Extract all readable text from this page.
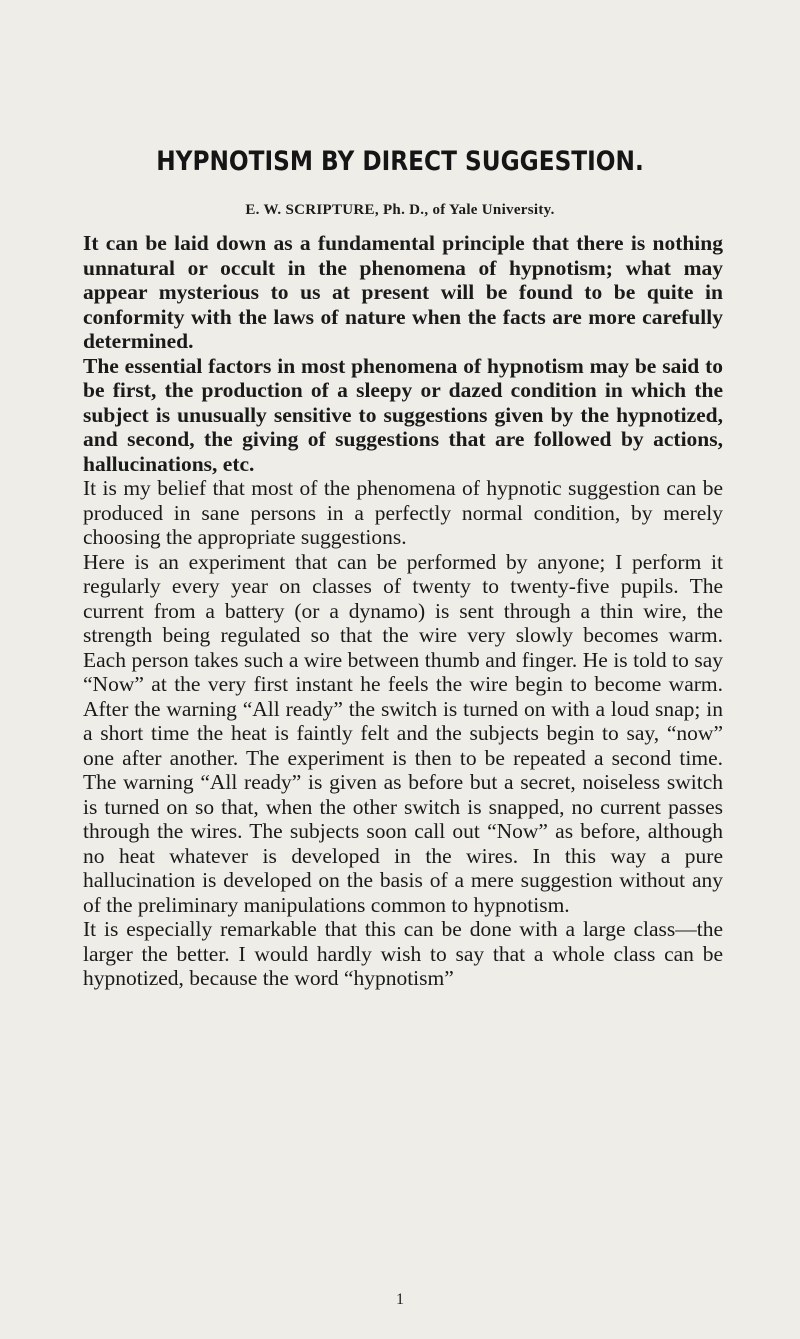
HYPNOTISM BY DIRECT SUGGESTION.
E. W. SCRIPTURE, Ph. D., of Yale University.

It can be laid down as a fundamental principle that there is nothing unnatural or occult in the phenomena of hypnotism; what may appear mysterious to us at present will be found to be quite in conformity with the laws of nature when the facts are more carefully determined.

The essential factors in most phenomena of hypnotism may be said to be first, the production of a sleepy or dazed condition in which the subject is unusually sensitive to suggestions given by the hypnotized, and second, the giving of suggestions that are followed by actions, hallucinations, etc.

It is my belief that most of the phenomena of hypnotic suggestion can be produced in sane persons in a perfectly normal condition, by merely choosing the appropriate suggestions.

Here is an experiment that can be performed by anyone; I perform it regularly every year on classes of twenty to twenty-five pupils. The current from a battery (or a dynamo) is sent through a thin wire, the strength being regulated so that the wire very slowly becomes warm. Each person takes such a wire between thumb and finger. He is told to say “Now” at the very first instant he feels the wire begin to become warm. After the warning “All ready” the switch is turned on with a loud snap; in a short time the heat is faintly felt and the subjects begin to say, “now” one after another. The experiment is then to be repeated a second time. The warning “All ready” is given as before but a secret, noiseless switch is turned on so that, when the other switch is snapped, no current passes through the wires. The subjects soon call out “Now” as before, although no heat whatever is developed in the wires. In this way a pure hallucination is developed on the basis of a mere suggestion without any of the preliminary manipulations common to hypnotism.

It is especially remarkable that this can be done with a large class—the larger the better. I would hardly wish to say that a whole class can be hypnotized, because the word “hypnotism”

1
